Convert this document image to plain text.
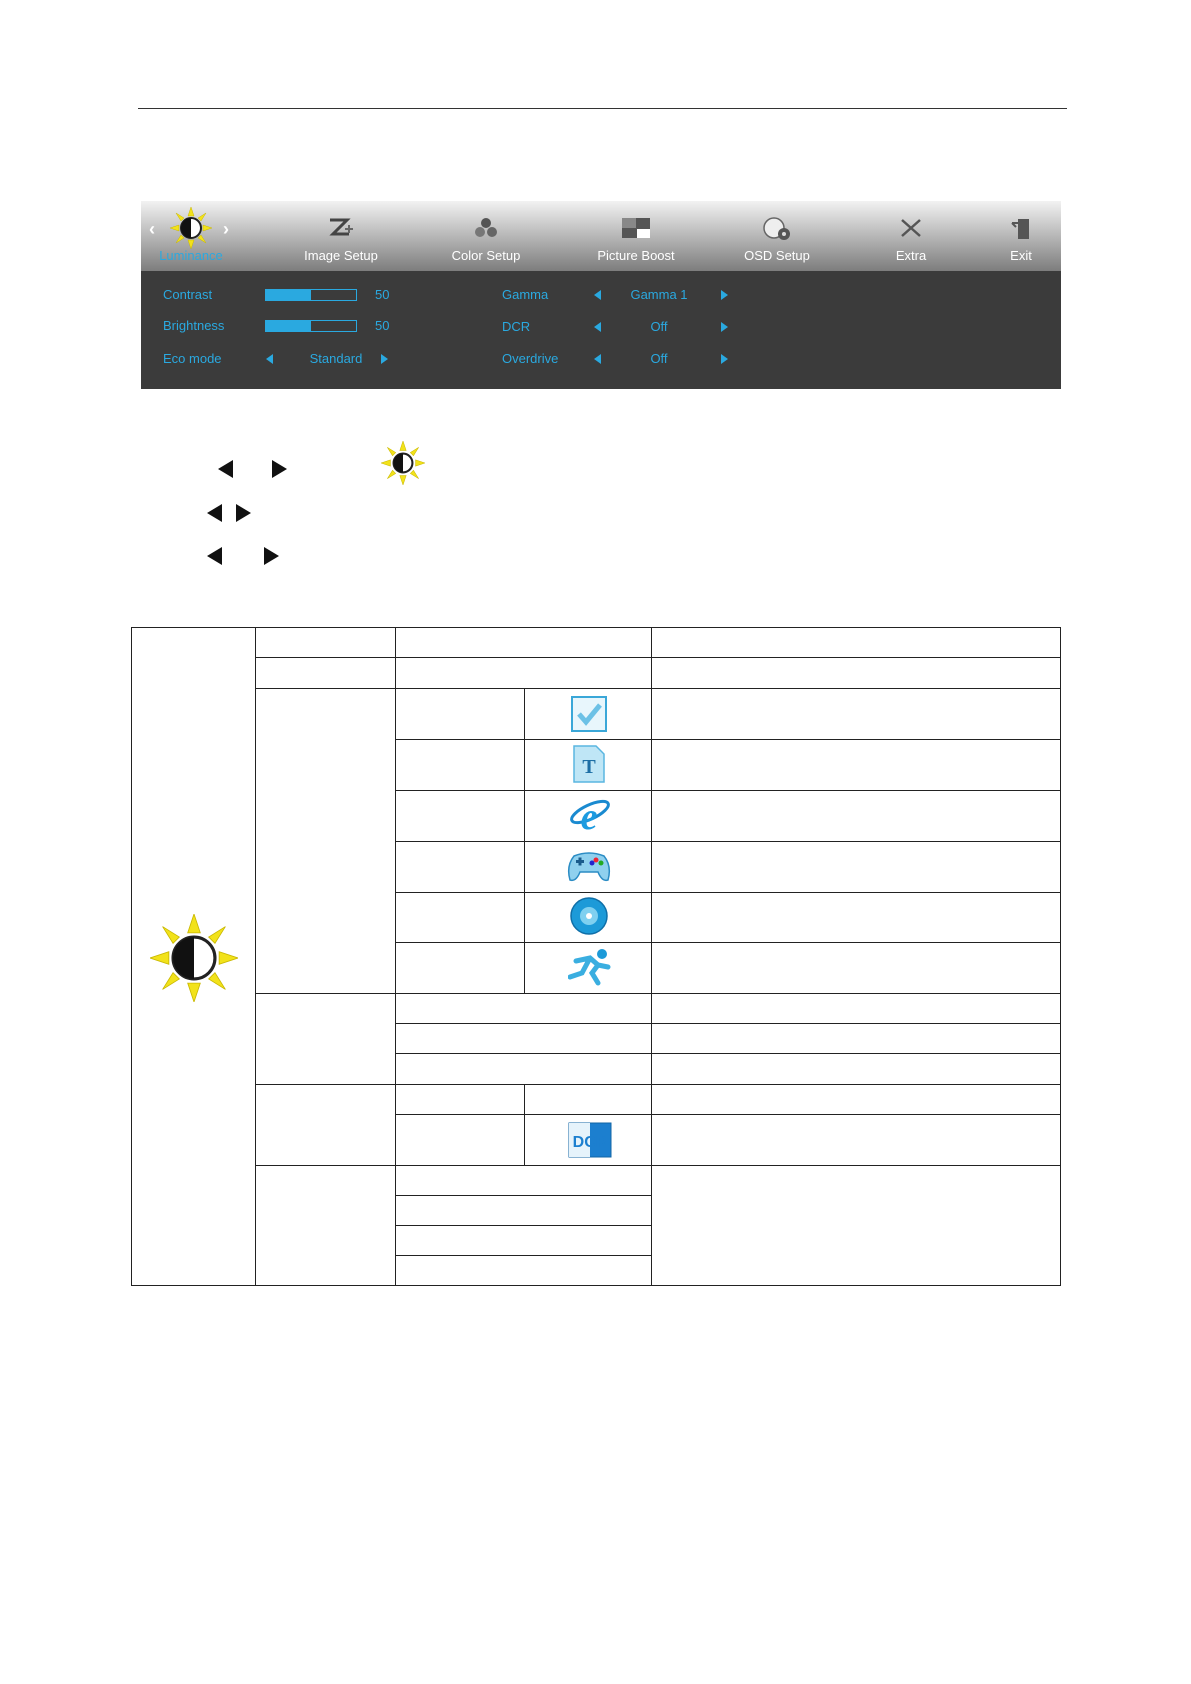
‹	›
Luminance	Image Setup	Color Setup	Picture Boost	OSD Setup	Extra	Exit
Contrast	50
Brightness	50
Eco mode	Standard
Gamma	Gamma 1
DCR	Off
Overdrive	Off
T
e
DCR
